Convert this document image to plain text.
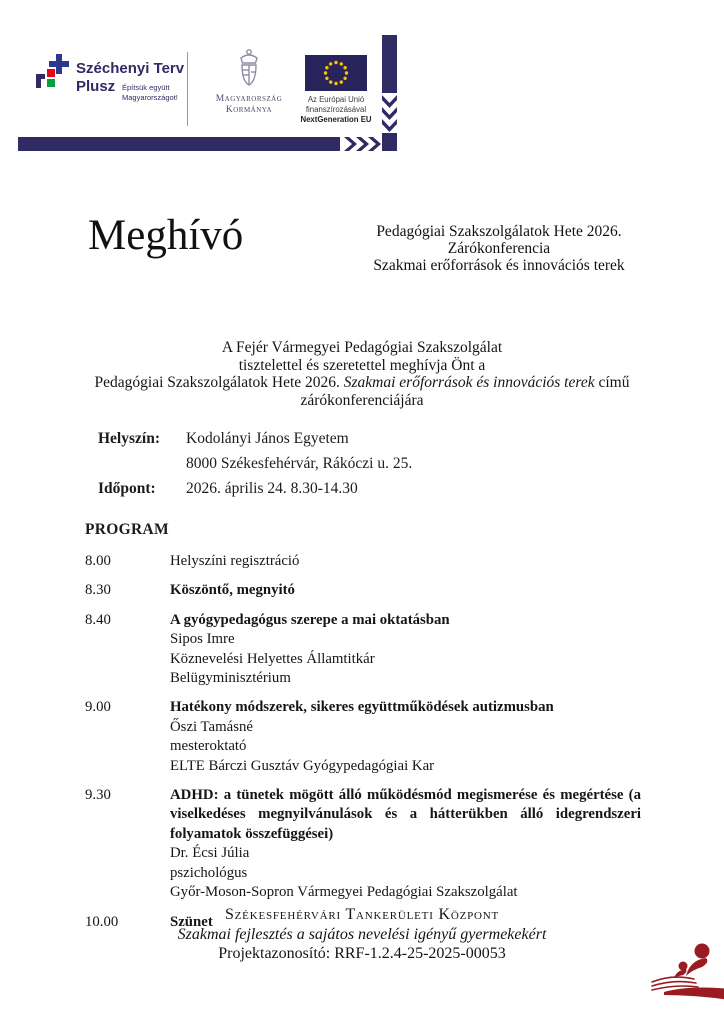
Széchenyi Terv
Plusz Építsük együtt
Magyarországot!	Magyarország
Kormánya
Az Európai Unió
finanszírozásával
NextGeneration EU
Meghívó	Pedagógiai Szakszolgálatok Hete 2026.
Zárókonferencia
Szakmai erőforrások és innovációs terek
A Fejér Vármegyei Pedagógiai Szakszolgálat
tisztelettel és szeretettel meghívja Önt a
Pedagógiai Szakszolgálatok Hete 2026. Szakmai erőforrások és innovációs terek című
zárókonferenciájára
Helyszín:	Kodolányi János Egyetem
8000 Székesfehérvár, Rákóczi u. 25.
Időpont:	2026. április 24. 8.30-14.30
PROGRAM
8.00	Helyszíni regisztráció
8.30	Köszöntő, megnyitó
8.40	A gyógypedagógus szerepe a mai oktatásban
Sipos Imre
Köznevelési Helyettes Államtitkár
Belügyminisztérium
9.00	Hatékony módszerek, sikeres együttműködések autizmusban
Őszi Tamásné
mesteroktató
ELTE Bárczi Gusztáv Gyógypedagógiai Kar
9.30	ADHD: a tünetek mögött álló működésmód megismerése és megértése (a viselkedéses megnyilvánulások és a hátterükben álló idegrendszeri folyamatok összefüggései)
Dr. Écsi Júlia
pszichológus
Győr-Moson-Sopron Vármegyei Pedagógiai Szakszolgálat
10.00	Szünet Székesfehérvári Tankerületi Központ
Szakmai fejlesztés a sajátos nevelési igényű gyermekekért
Projektazonosító: RRF-1.2.4-25-2025-00053
